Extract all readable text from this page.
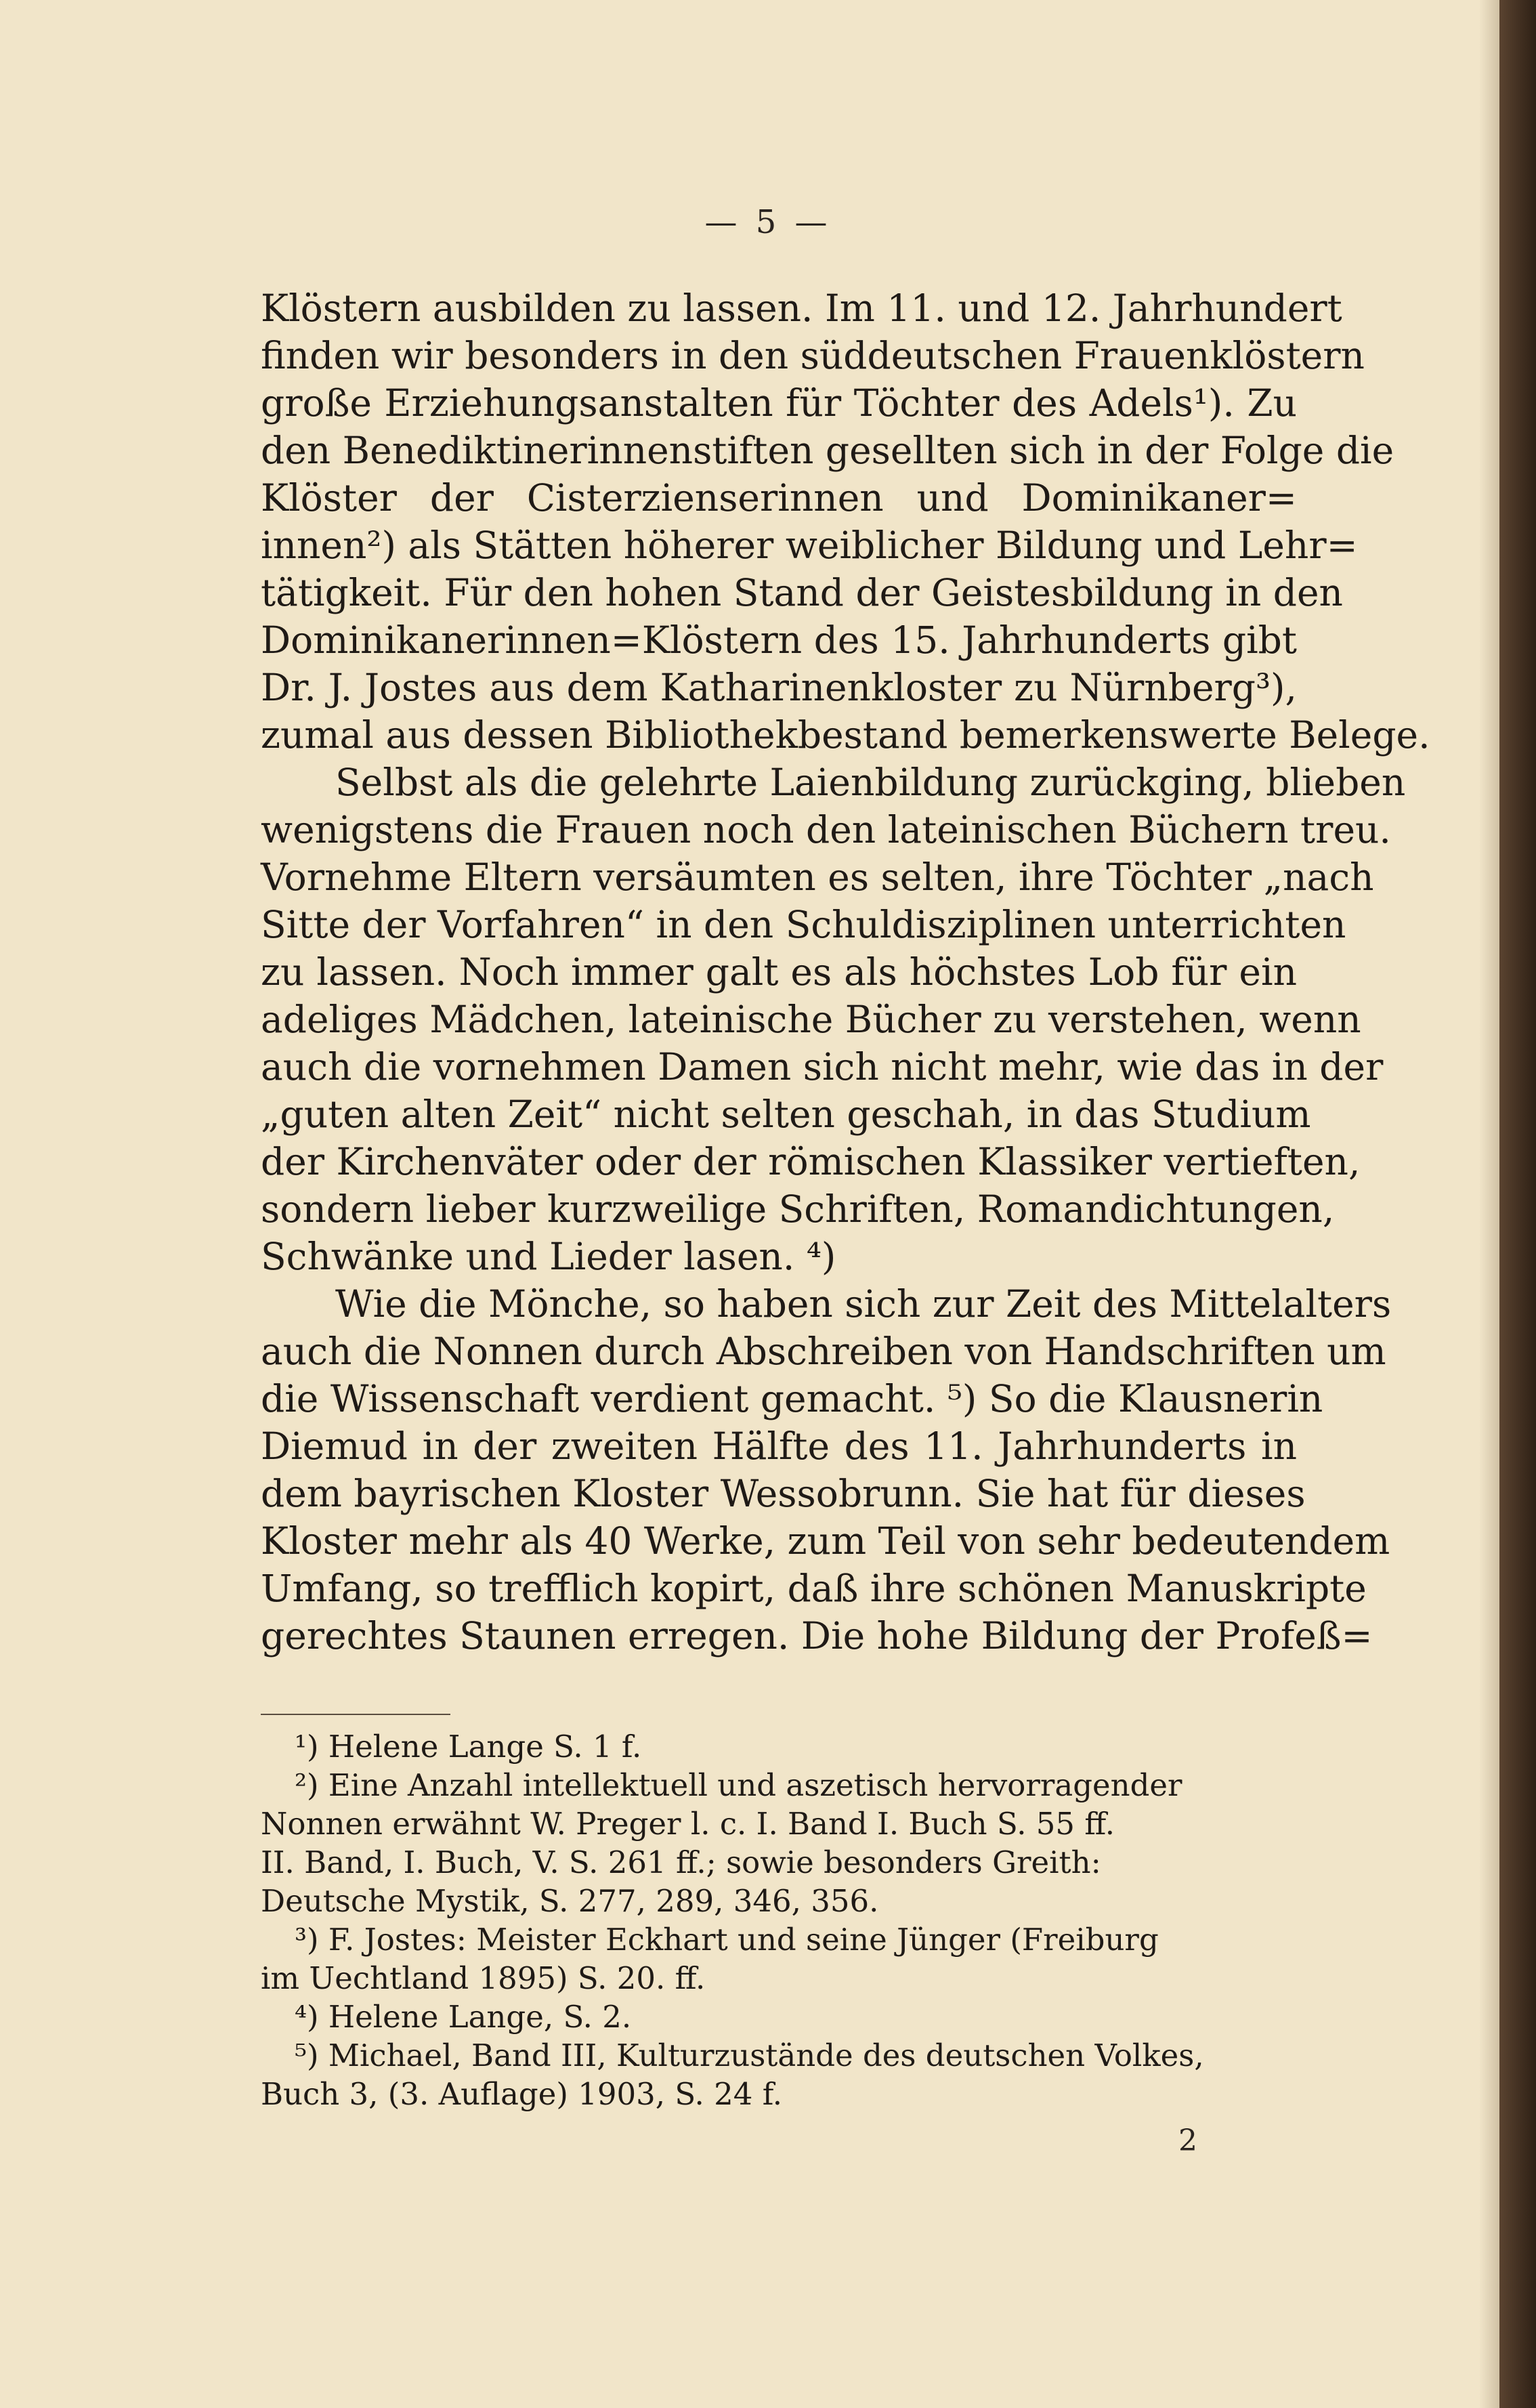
— 5 —
Klöstern ausbilden zu lassen. Im 11. und 12. Jahrhundert
finden wir besonders in den süddeutschen Frauenklöstern
große Erziehungsanstalten für Töchter des Adels¹). Zu
den Benediktinerinnenstiften gesellten sich in der Folge die
Klöster der Cisterzienserinnen und Dominikaner=
innen²) als Stätten höherer weiblicher Bildung und Lehr=
tätigkeit. Für den hohen Stand der Geistesbildung in den
Dominikanerinnen=Klöstern des 15. Jahrhunderts gibt
Dr. J. Jostes aus dem Katharinenkloster zu Nürnberg³),
zumal aus dessen Bibliothekbestand bemerkenswerte Belege.
Selbst als die gelehrte Laienbildung zurückging, blieben
wenigstens die Frauen noch den lateinischen Büchern treu.
Vornehme Eltern versäumten es selten, ihre Töchter „nach
Sitte der Vorfahren“ in den Schuldisziplinen unterrichten
zu lassen. Noch immer galt es als höchstes Lob für ein
adeliges Mädchen, lateinische Bücher zu verstehen, wenn
auch die vornehmen Damen sich nicht mehr, wie das in der
„guten alten Zeit“ nicht selten geschah, in das Studium
der Kirchenväter oder der römischen Klassiker vertieften,
sondern lieber kurzweilige Schriften, Romandichtungen,
Schwänke und Lieder lasen. ⁴)
Wie die Mönche, so haben sich zur Zeit des Mittelalters
auch die Nonnen durch Abschreiben von Handschriften um
die Wissenschaft verdient gemacht. ⁵) So die Klausnerin
Diemud in der zweiten Hälfte des 11. Jahrhunderts in
dem bayrischen Kloster Wessobrunn. Sie hat für dieses
Kloster mehr als 40 Werke, zum Teil von sehr bedeutendem
Umfang, so trefflich kopirt, daß ihre schönen Manuskripte
gerechtes Staunen erregen. Die hohe Bildung der Profeß=
¹) Helene Lange S. 1 f.
²) Eine Anzahl intellektuell und aszetisch hervorragender
Nonnen erwähnt W. Preger l. c. I. Band I. Buch S. 55 ff.
II. Band, I. Buch, V. S. 261 ff.; sowie besonders Greith:
Deutsche Mystik, S. 277, 289, 346, 356.
³) F. Jostes: Meister Eckhart und seine Jünger (Freiburg
im Uechtland 1895) S. 20. ff.
⁴) Helene Lange, S. 2.
⁵) Michael, Band III, Kulturzustände des deutschen Volkes,
Buch 3, (3. Auflage) 1903, S. 24 f.
2
